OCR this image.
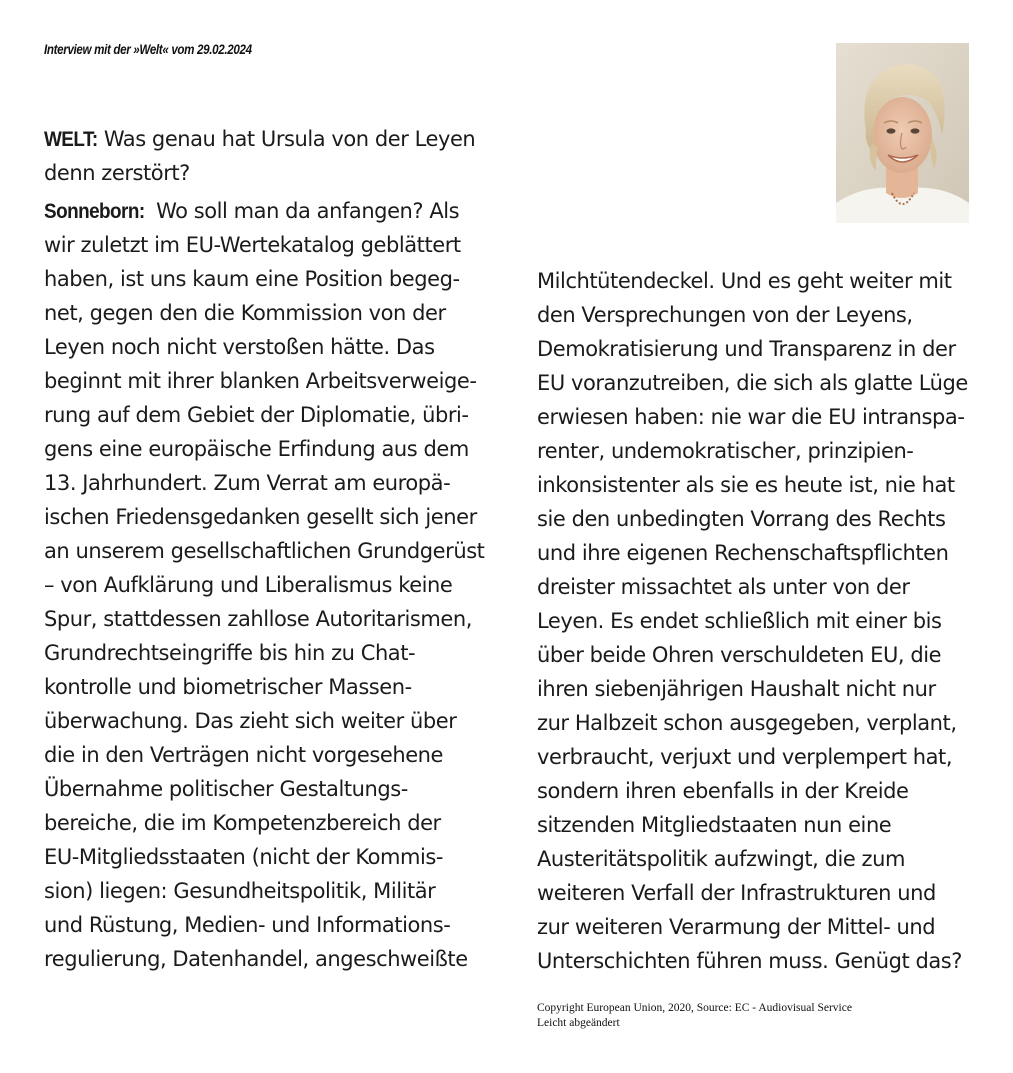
Interview mit der »Welt« vom 29.02.2024
WELT: Was genau hat Ursula von der Leyen
denn zerstört?
Sonneborn: Wo soll man da anfangen? Als
wir zuletzt im EU-Wertekatalog geblättert
haben, ist uns kaum eine Position begeg-
net, gegen den die Kommission von der
Leyen noch nicht verstoßen hätte. Das
beginnt mit ihrer blanken Arbeitsverweige-
rung auf dem Gebiet der Diplomatie, übri-
gens eine europäische Erfindung aus dem
13. Jahrhundert. Zum Verrat am europä-
ischen Friedensgedanken gesellt sich jener
an unserem gesellschaftlichen Grundgerüst
– von Aufklärung und Liberalismus keine
Spur, stattdessen zahllose Autoritarismen,
Grundrechtseingriffe bis hin zu Chat-
kontrolle und biometrischer Massen-
überwachung. Das zieht sich weiter über
die in den Verträgen nicht vorgesehene
Übernahme politischer Gestaltungs-
bereiche, die im Kompetenzbereich der
EU-Mitgliedsstaaten (nicht der Kommis-
sion) liegen: Gesundheitspolitik, Militär
und Rüstung, Medien- und Informations-
regulierung, Datenhandel, angeschweißte
Milchtütendeckel. Und es geht weiter mit
den Versprechungen von der Leyens,
Demokratisierung und Transparenz in der
EU voranzutreiben, die sich als glatte Lüge
erwiesen haben: nie war die EU intranspa-
renter, undemokratischer, prinzipien-
inkonsistenter als sie es heute ist, nie hat
sie den unbedingten Vorrang des Rechts
und ihre eigenen Rechenschaftspflichten
dreister missachtet als unter von der
Leyen. Es endet schließlich mit einer bis
über beide Ohren verschuldeten EU, die
ihren siebenjährigen Haushalt nicht nur
zur Halbzeit schon ausgegeben, verplant,
verbraucht, verjuxt und verplempert hat,
sondern ihren ebenfalls in der Kreide
sitzenden Mitgliedstaaten nun eine
Austeritätspolitik aufzwingt, die zum
weiteren Verfall der Infrastrukturen und
zur weiteren Verarmung der Mittel- und
Unterschichten führen muss. Genügt das?
Copyright European Union, 2020, Source: EC - Audiovisual Service
Leicht abgeändert
